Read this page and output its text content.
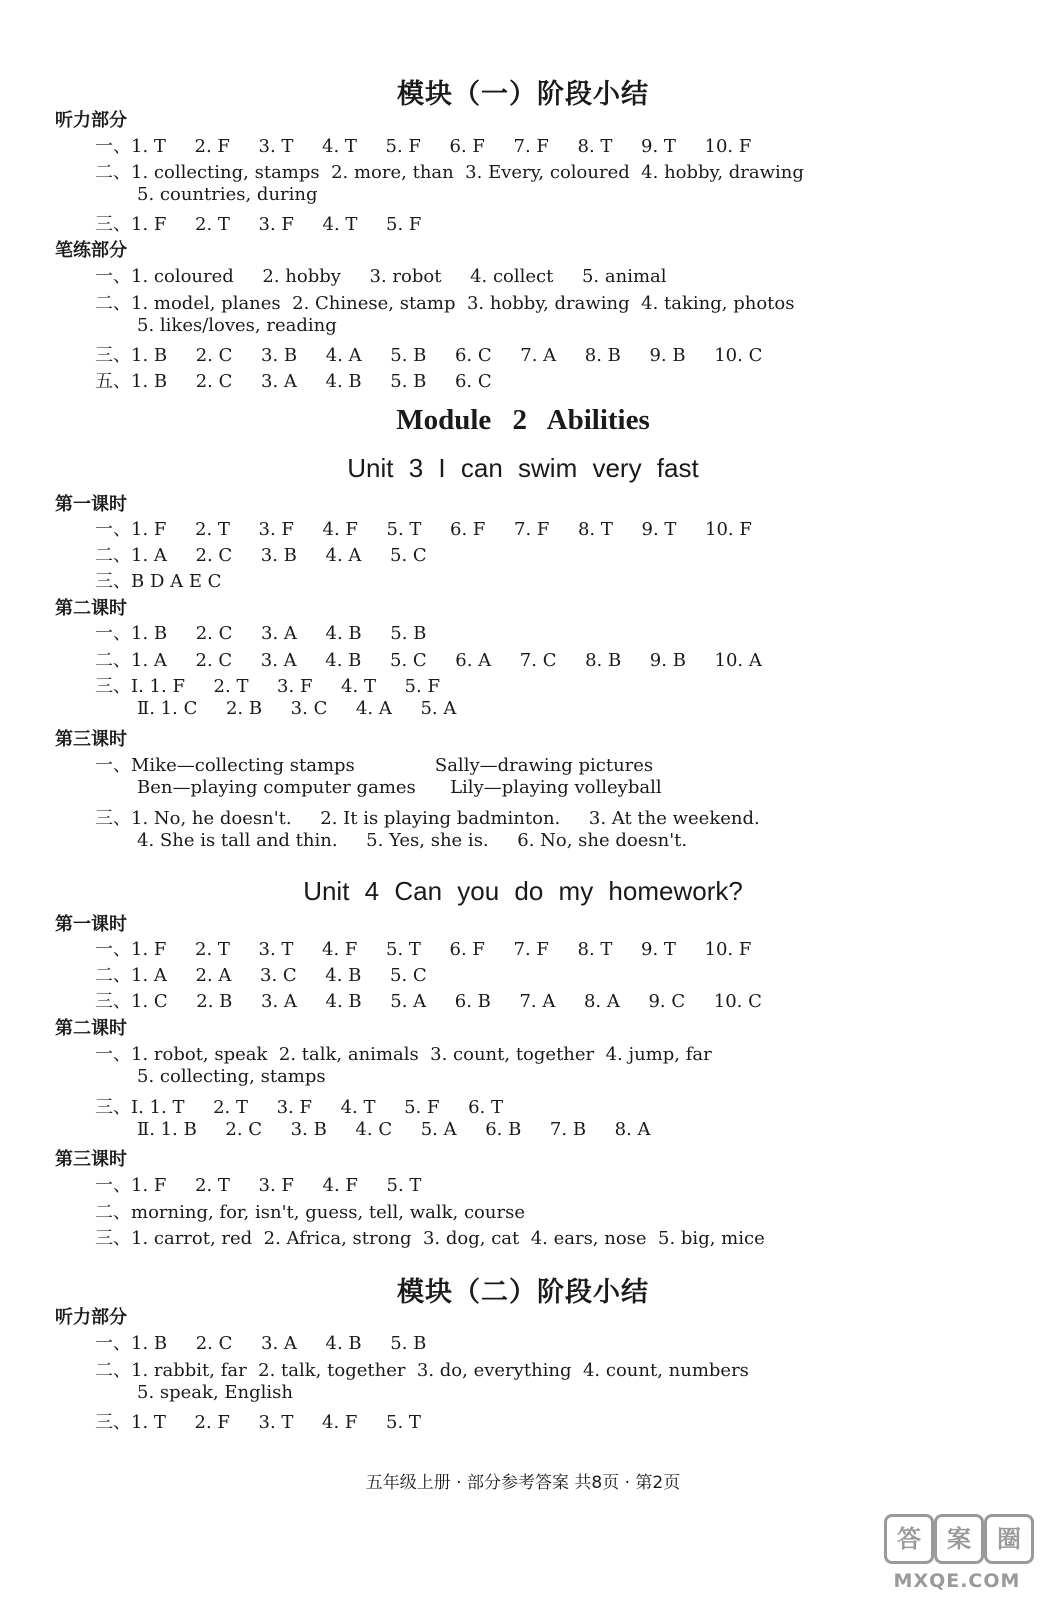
模块（一）阶段小结
听力部分
一、1. T     2. F     3. T     4. T     5. F     6. F     7. F     8. T     9. T     10. F
二、1. collecting, stamps  2. more, than  3. Every, coloured  4. hobby, drawing
5. countries, during
三、1. F     2. T     3. F     4. T     5. F
笔练部分
一、1. coloured     2. hobby     3. robot     4. collect     5. animal
二、1. model, planes  2. Chinese, stamp  3. hobby, drawing  4. taking, photos
5. likes/loves, reading
三、1. B     2. C     3. B     4. A     5. B     6. C     7. A     8. B     9. B     10. C
五、1. B     2. C     3. A     4. B     5. B     6. C
Module 2 Abilities
Unit 3 I can swim very fast
第一课时
一、1. F     2. T     3. F     4. F     5. T     6. F     7. F     8. T     9. T     10. F
二、1. A     2. C     3. B     4. A     5. C
三、B D A E C
第二课时
一、1. B     2. C     3. A     4. B     5. B
二、1. A     2. C     3. A     4. B     5. C     6. A     7. C     8. B     9. B     10. A
三、Ⅰ. 1. F     2. T     3. F     4. T     5. F
Ⅱ. 1. C     2. B     3. C     4. A     5. A
第三课时
一、Mike—collecting stamps              Sally—drawing pictures
Ben—playing computer games      Lily—playing volleyball
三、1. No, he doesn't.     2. It is playing badminton.     3. At the weekend.
4. She is tall and thin.     5. Yes, she is.     6. No, she doesn't.
Unit 4 Can you do my homework?
第一课时
一、1. F     2. T     3. T     4. F     5. T     6. F     7. F     8. T     9. T     10. F
二、1. A     2. A     3. C     4. B     5. C
三、1. C     2. B     3. A     4. B     5. A     6. B     7. A     8. A     9. C     10. C
第二课时
一、1. robot, speak  2. talk, animals  3. count, together  4. jump, far
5. collecting, stamps
三、Ⅰ. 1. T     2. T     3. F     4. T     5. F     6. T
Ⅱ. 1. B     2. C     3. B     4. C     5. A     6. B     7. B     8. A
第三课时
一、1. F     2. T     3. F     4. F     5. T
二、morning, for, isn't, guess, tell, walk, course
三、1. carrot, red  2. Africa, strong  3. dog, cat  4. ears, nose  5. big, mice
模块（二）阶段小结
听力部分
一、1. B     2. C     3. A     4. B     5. B
二、1. rabbit, far  2. talk, together  3. do, everything  4. count, numbers
5. speak, English
三、1. T     2. F     3. T     4. F     5. T
五年级上册 · 部分参考答案 共8页 · 第2页
答	案	圈
MXQE.COM
